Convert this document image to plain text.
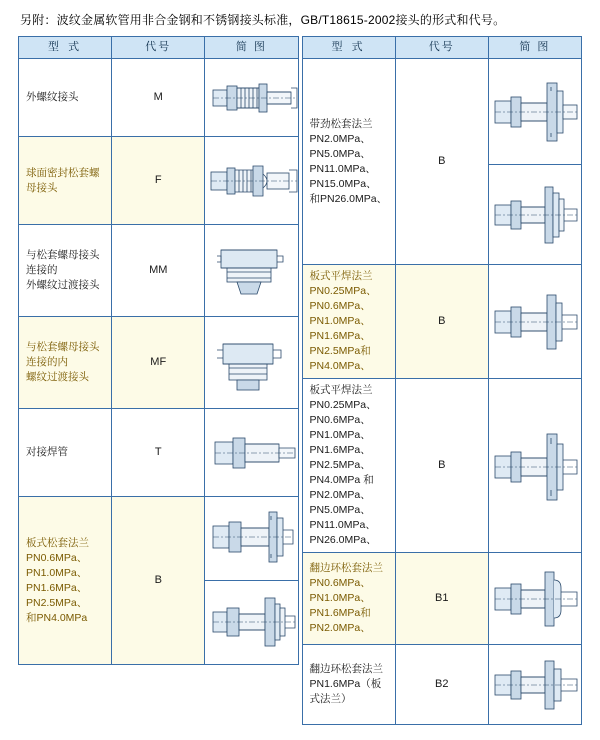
另附：波纹金属软管用非合金钢和不锈钢接头标准，GB/T18615-2002接头的形式和代号。

型 式	代号	简 图

外螺纹接头	M	

球面密封松套螺母接头	F	

与松套螺母接头连接的
外螺纹过渡接头	MM	

与松套螺母接头连接的内
螺纹过渡接头	MF	

对接焊管	T	

板式松套法兰
PN0.6MPa、PN1.0MPa、
PN1.6MPa、PN2.5MPa、
和PN4.0MPa	B	

型 式	代号	简 图

带劲松套法兰
PN2.0MPa、PN5.0MPa、
PN11.0MPa、PN15.0MPa、
和PN26.0MPa、	B	

板式平焊法兰
PN0.25MPa、PN0.6MPa、
PN1.0MPa、PN1.6MPa、
PN2.5MPa和PN4.0MPa、	B	

板式平焊法兰
PN0.25MPa、PN0.6MPa、
PN1.0MPa、PN1.6MPa、
PN2.5MPa、PN4.0MPa 和
PN2.0MPa、PN5.0MPa、
PN11.0MPa、PN26.0MPa、
	B	

翻边环松套法兰
PN0.6MPa、PN1.0MPa、
PN1.6MPa和PN2.0MPa、	B1	

翻边环松套法兰
PN1.6MPa（板式法兰）	B2	
